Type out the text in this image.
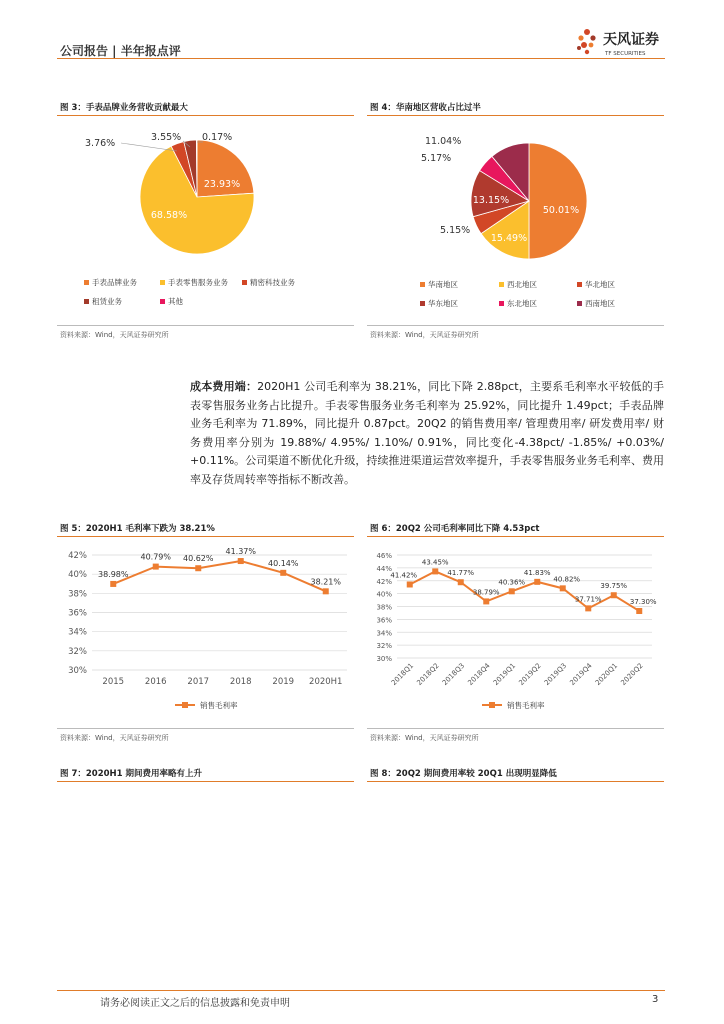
公司报告 | 半年报点评
天风证券
TF SECURITIES
图 3：手表品牌业务营收贡献最大
23.93%
68.58%
3.76%
3.55% 0.17%
手表品牌业务	手表零售服务业务	精密科技业务
租赁业务	其他
资料来源：Wind，天风证券研究所
图 4：华南地区营收占比过半
50.01%
15.49%
5.15%
13.15%
5.17%
11.04%
华南地区	西北地区	华北地区
华东地区	东北地区	西南地区
资料来源：Wind，天风证券研究所
成本费用端：2020H1 公司毛利率为 38.21%，同比下降 2.88pct，主要系毛利率水平较低的手表零售服务业务占比提升。手表零售服务业务毛利率为 25.92%，同比提升 1.49pct；手表品牌业务毛利率为 71.89%，同比提升 0.87pct。20Q2 的销售费用率/ 管理费用率/ 研发费用率/ 财务费用率分别为 19.88%/ 4.95%/ 1.10%/ 0.91%，同比变化-4.38pct/ -1.85%/ +0.03%/ +0.11%。公司渠道不断优化升级，持续推进渠道运营效率提升，手表零售服务业务毛利率、费用率及存货周转率等指标不断改善。
图 5：2020H1 毛利率下跌为 38.21%
30%
32%
34%
36%
38%
40%
42%
38.98%
40.79% 40.62%
41.37%
40.14%
38.21%
2015 2016 2017 2018 2019 2020H1
销售毛利率
资料来源：Wind，天风证券研究所
图 6：20Q2 公司毛利率同比下降 4.53pct
30%
32%
34%
36%
38%
40%
42%
44%
46%
41.42%
43.45%
41.77%
38.79%
40.36%
41.83%
40.82%
37.71%
39.75%
37.30%
2018Q1 2018Q2 2018Q3 2018Q4 2019Q1 2019Q2 2019Q3 2019Q4 2020Q1 2020Q2
销售毛利率
资料来源：Wind，天风证券研究所
图 7：2020H1 期间费用率略有上升	图 8：20Q2 期间费用率较 20Q1 出现明显降低
请务必阅读正文之后的信息披露和免责申明	3
